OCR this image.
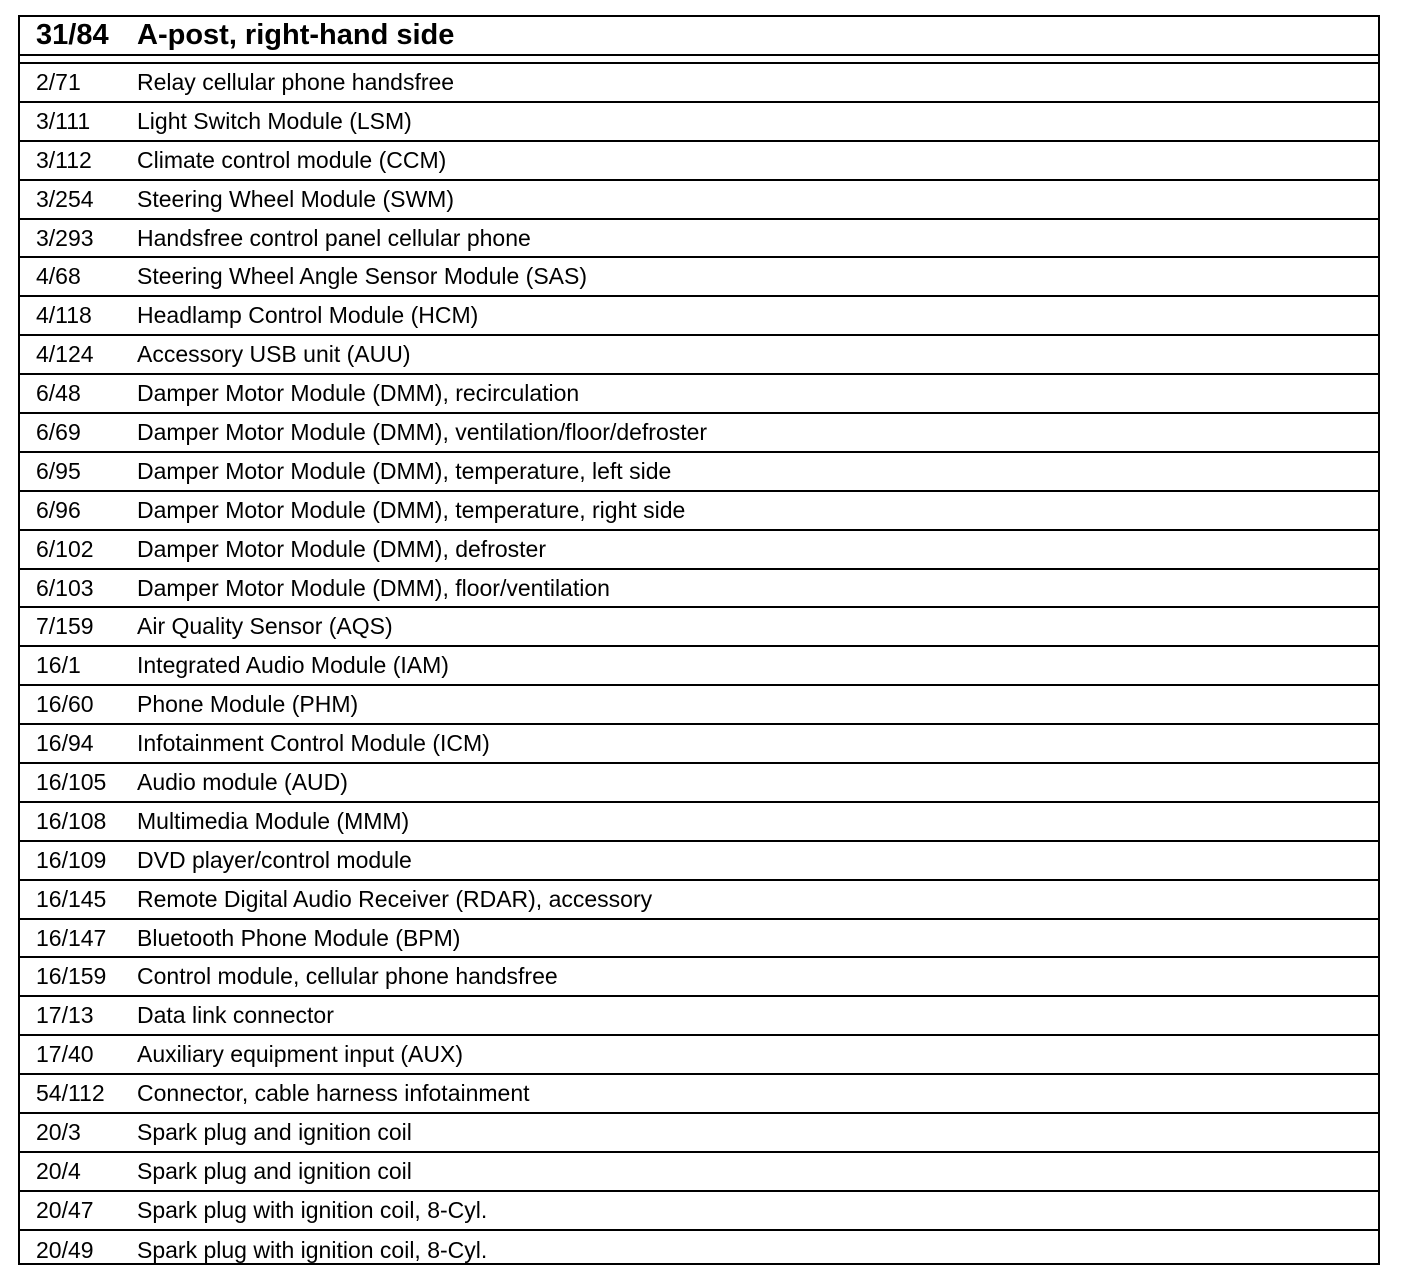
31/84 A-post, right-hand side
2/71	Relay cellular phone handsfree
3/111	Light Switch Module (LSM)
3/112	Climate control module (CCM)
3/254	Steering Wheel Module (SWM)
3/293	Handsfree control panel cellular phone
4/68	Steering Wheel Angle Sensor Module (SAS)
4/118	Headlamp Control Module (HCM)
4/124	Accessory USB unit (AUU)
6/48	Damper Motor Module (DMM), recirculation
6/69	Damper Motor Module (DMM), ventilation/floor/defroster
6/95	Damper Motor Module (DMM), temperature, left side
6/96	Damper Motor Module (DMM), temperature, right side
6/102	Damper Motor Module (DMM), defroster
6/103	Damper Motor Module (DMM), floor/ventilation
7/159	Air Quality Sensor (AQS)
16/1	Integrated Audio Module (IAM)
16/60	Phone Module (PHM)
16/94	Infotainment Control Module (ICM)
16/105	Audio module (AUD)
16/108	Multimedia Module (MMM)
16/109	DVD player/control module
16/145	Remote Digital Audio Receiver (RDAR), accessory
16/147	Bluetooth Phone Module (BPM)
16/159	Control module, cellular phone handsfree
17/13	Data link connector
17/40	Auxiliary equipment input (AUX)
54/112	Connector, cable harness infotainment
20/3	Spark plug and ignition coil
20/4	Spark plug and ignition coil
20/47	Spark plug with ignition coil, 8-Cyl.
20/49	Spark plug with ignition coil, 8-Cyl.
